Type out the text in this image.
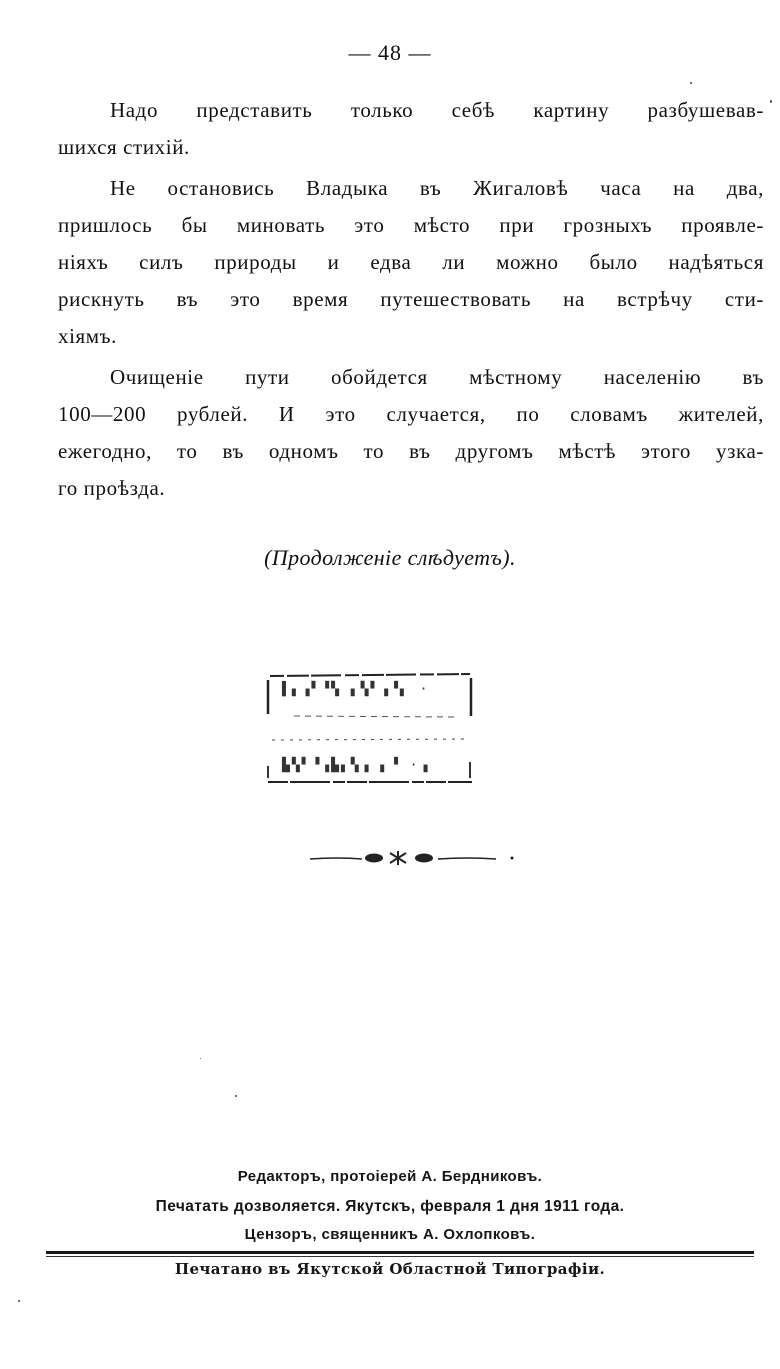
— 48 —

Надо представить только себѣ картину разбушевав-
шихся стихій.

Не остановись Владыка въ Жигаловѣ часа на два,
пришлось бы миновать это мѣсто при грозныхъ проявле-
ніяхъ силъ природы и едва ли можно было надѣяться
рискнуть въ это время путешествовать на встрѣчу сти-
хіямъ.

Очищеніе пути обойдется мѣстному населенію въ
100—200 рублей. И это случается, по словамъ жителей,
ежегодно, то въ одномъ то въ другомъ мѣстѣ этого узка-
го проѣзда.

(Продолженіе слѣдуетъ).
▌▖▗▘▝▚ ▖▚▘▗▝▖ ·
▙▚▘▝▗▙▖▚▗ ▖▝ ·▗
Редакторъ, протоіерей А. Бердниковъ.
Печатать дозволяется. Якутскъ, февраля 1 дня 1911 года.
Цензоръ, священникъ А. Охлопковъ.
Печатано въ Якутской Областной Типографіи.
